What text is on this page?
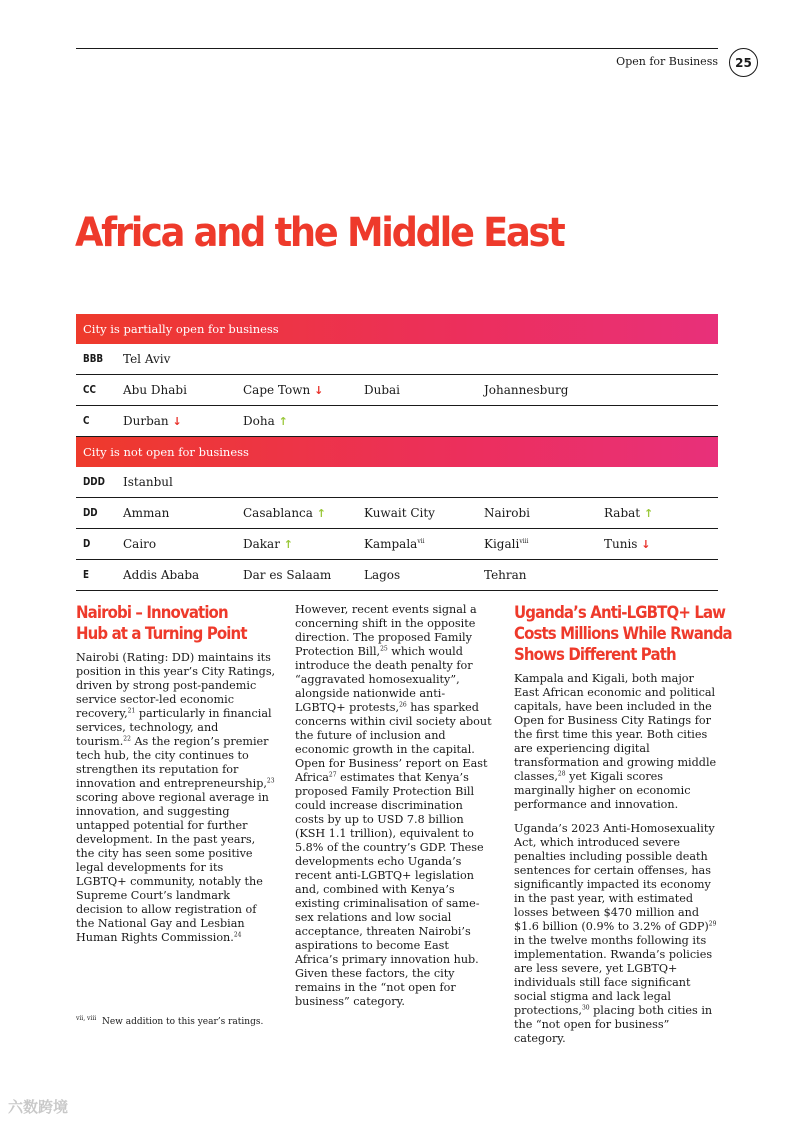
Open for Business	25
Africa and the Middle East
City is partially open for business
BBB Tel Aviv
CC Abu Dhabi	Cape Town ↓	Dubai	Johannesburg
C	Durban ↓	Doha ↑
City is not open for business
DDD Istanbul
DD Amman	Casablanca ↑	Kuwait City	Nairobi	Rabat ↑
D	Cairo	Dakar ↑	Kampala$^{vii}$	Kigali$^{viii}$	Tunis ↓
E	Addis Ababa	Dar es Salaam	Lagos	Tehran
Nairobi – Innovation
Hub at a Turning Point

Nairobi (Rating: DD) maintains its position in this year’s City Ratings, driven by strong post-pandemic service sector-led economic recovery,$^{21}$ particularly in financial services, technology, and tourism.$^{22}$ As the region’s premier tech hub, the city continues to strengthen its reputation for innovation and entrepreneurship,$^{23}$ scoring above regional average in innovation, and suggesting untapped potential for further development. In the past years, the city has seen some positive legal developments for its LGBTQ+ community, notably the Supreme Court’s landmark decision to allow registration of the National Gay and Lesbian Human Rights Commission.$^{24}$

However, recent events signal a concerning shift in the opposite direction. The proposed Family Protection Bill,$^{25}$ which would introduce the death penalty for “aggravated homosexuality”, alongside nationwide anti-LGBTQ+ protests,$^{26}$ has sparked concerns within civil society about the future of inclusion and economic growth in the capital. Open for Business’ report on East Africa$^{27}$ estimates that Kenya’s proposed Family Protection Bill could increase discrimination costs by up to USD 7.8 billion (KSH 1.1 trillion), equivalent to 5.8% of the country’s GDP. These developments echo Uganda’s recent anti-LGBTQ+ legislation and, combined with Kenya’s existing criminalisation of same-sex relations and low social acceptance, threaten Nairobi’s aspirations to become East Africa’s primary innovation hub. Given these factors, the city remains in the “not open for business” category.

Uganda’s Anti-LGBTQ+ Law
Costs Millions While Rwanda
Shows Different Path

Kampala and Kigali, both major East African economic and political capitals, have been included in the Open for Business City Ratings for the first time this year. Both cities are experiencing digital transformation and growing middle classes,$^{28}$ yet Kigali scores marginally higher on economic performance and innovation.

Uganda’s 2023 Anti-Homosexuality Act, which introduced severe penalties including possible death sentences for certain offenses, has significantly impacted its economy in the past year, with estimated losses between $470 million and $1.6 billion (0.9% to 3.2% of GDP)$^{29}$ in the twelve months following its implementation. Rwanda’s policies are less severe, yet LGBTQ+ individuals still face significant social stigma and lack legal protections,$^{30}$ placing both cities in the “not open for business” category.

$^{vii, viii}$ New addition to this year’s ratings.
六数跨境
